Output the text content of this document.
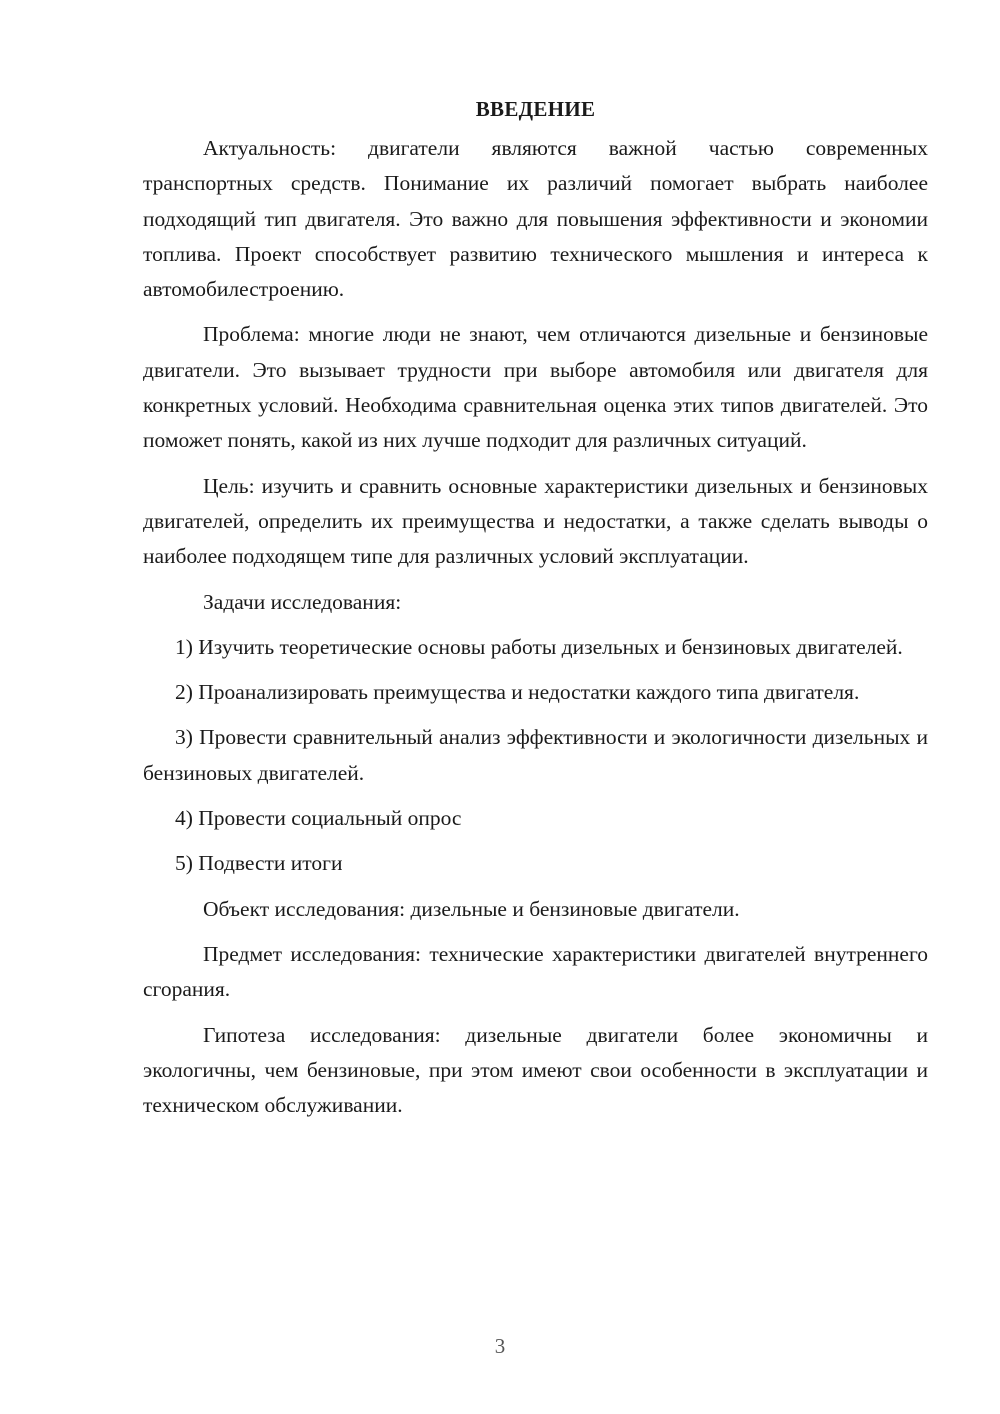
ВВЕДЕНИЕ

Актуальность: двигатели являются важной частью современных транспортных средств. Понимание их различий помогает выбрать наиболее подходящий тип двигателя. Это важно для повышения эффективности и экономии топлива. Проект способствует развитию технического мышления и интереса к автомобилестроению.

Проблема: многие люди не знают, чем отличаются дизельные и бензиновые двигатели. Это вызывает трудности при выборе автомобиля или двигателя для конкретных условий. Необходима сравнительная оценка этих типов двигателей. Это поможет понять, какой из них лучше подходит для различных ситуаций.

Цель: изучить и сравнить основные характеристики дизельных и бензиновых двигателей, определить их преимущества и недостатки, а также сделать выводы о наиболее подходящем типе для различных условий эксплуатации.

Задачи исследования:

1) Изучить теоретические основы работы дизельных и бензиновых двигателей.

2) Проанализировать преимущества и недостатки каждого типа двигателя.

3) Провести сравнительный анализ эффективности и экологичности дизельных и бензиновых двигателей.

4) Провести социальный опрос

5) Подвести итоги

Объект исследования: дизельные и бензиновые двигатели.

Предмет исследования: технические характеристики двигателей внутреннего сгорания.

Гипотеза исследования: дизельные двигатели более экономичны и экологичны, чем бензиновые, при этом имеют свои особенности в эксплуатации и техническом обслуживании.

3
